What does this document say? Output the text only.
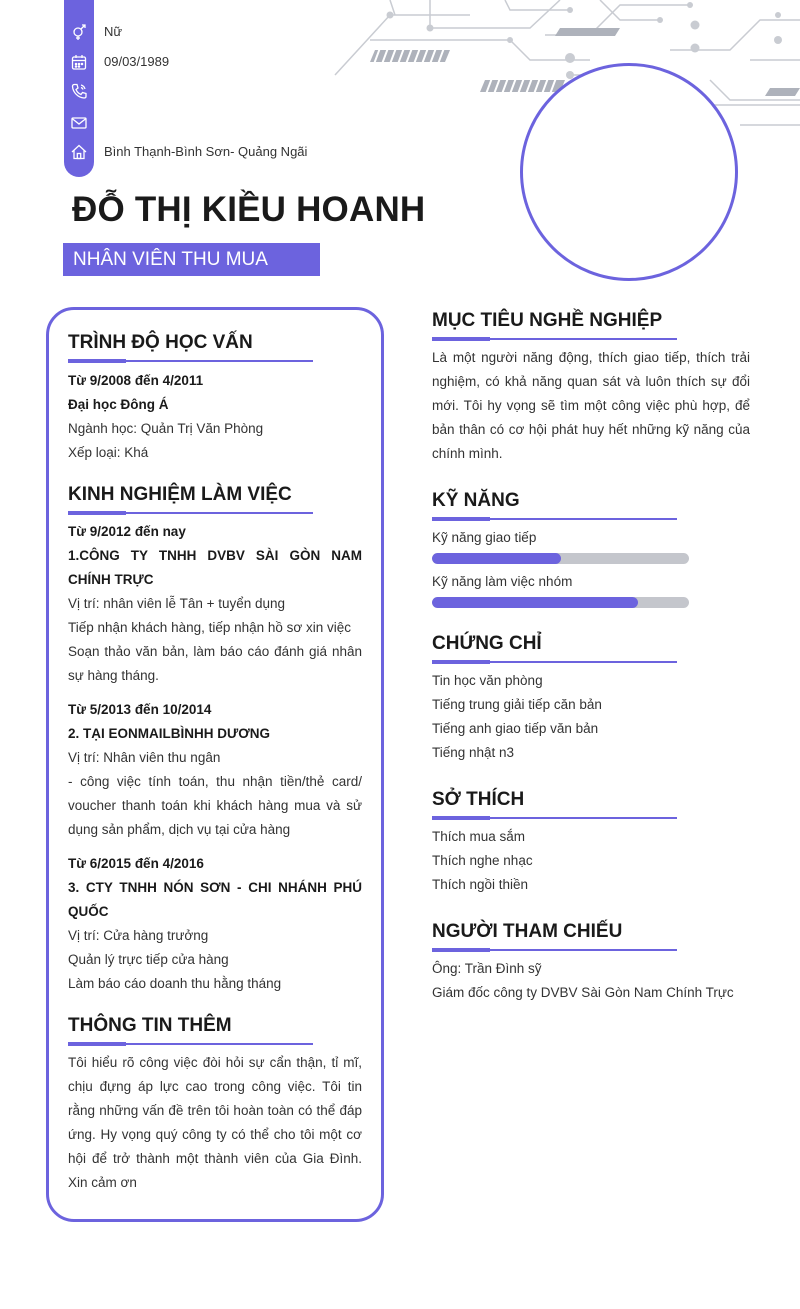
Nữ
09/03/1989
Bình Thạnh-Bình Sơn- Quảng Ngãi
ĐỖ THỊ KIỀU HOANH
NHÂN VIÊN THU MUA
TRÌNH ĐỘ HỌC VẤN

Từ 9/2008 đến 4/2011

Đại học Đông Á

Ngành học: Quản Trị Văn Phòng

Xếp loại: Khá

KINH NGHIỆM LÀM VIỆC

Từ 9/2012 đến nay

1.CÔNG TY TNHH DVBV SÀI GÒN NAM CHÍNH TRỰC

Vị trí: nhân viên lễ Tân + tuyển dụng

Tiếp nhận khách hàng, tiếp nhận hồ sơ xin việc

Soạn thảo văn bản, làm báo cáo đánh giá nhân sự hàng tháng.

Từ 5/2013 đến 10/2014

2. TẠI EONMAILBÌNHH DƯƠNG

Vị trí: Nhân viên thu ngân

- công việc tính toán, thu nhận tiền/thẻ card/ voucher thanh toán khi khách hàng mua và sử dụng sản phẩm, dịch vụ tại cửa hàng

Từ 6/2015 đến 4/2016

3. CTY TNHH NÓN SƠN - CHI NHÁNH PHÚ QUỐC

Vị trí: Cửa hàng trưởng

Quản lý trực tiếp cửa hàng

Làm báo cáo doanh thu hằng tháng

THÔNG TIN THÊM

Tôi hiểu rõ công việc đòi hỏi sự cẩn thận, tỉ mĩ, chịu đựng áp lực cao trong công việc. Tôi tin rằng những vấn đề trên tôi hoàn toàn có thể đáp ứng. Hy vọng quý công ty có thể cho tôi một cơ hội để trở thành một thành viên của Gia Đình. Xin cảm ơn

MỤC TIÊU NGHỀ NGHIỆP

Là một người năng động, thích giao tiếp, thích trải nghiệm, có khả năng quan sát và luôn thích sự đổi mới. Tôi hy vọng sẽ tìm một công việc phù hợp, để bản thân có cơ hội phát huy hết những kỹ năng của chính mình.

KỸ NĂNG

Kỹ năng giao tiếp

Kỹ năng làm việc nhóm

CHỨNG CHỈ

Tin học văn phòng

Tiếng trung giải tiếp căn bản

Tiếng anh giao tiếp văn bản

Tiếng nhật n3

SỞ THÍCH

Thích mua sắm

Thích nghe nhạc

Thích ngồi thiền

NGƯỜI THAM CHIẾU

Ông: Trần Đình sỹ

Giám đốc công ty DVBV Sài Gòn Nam Chính Trực
